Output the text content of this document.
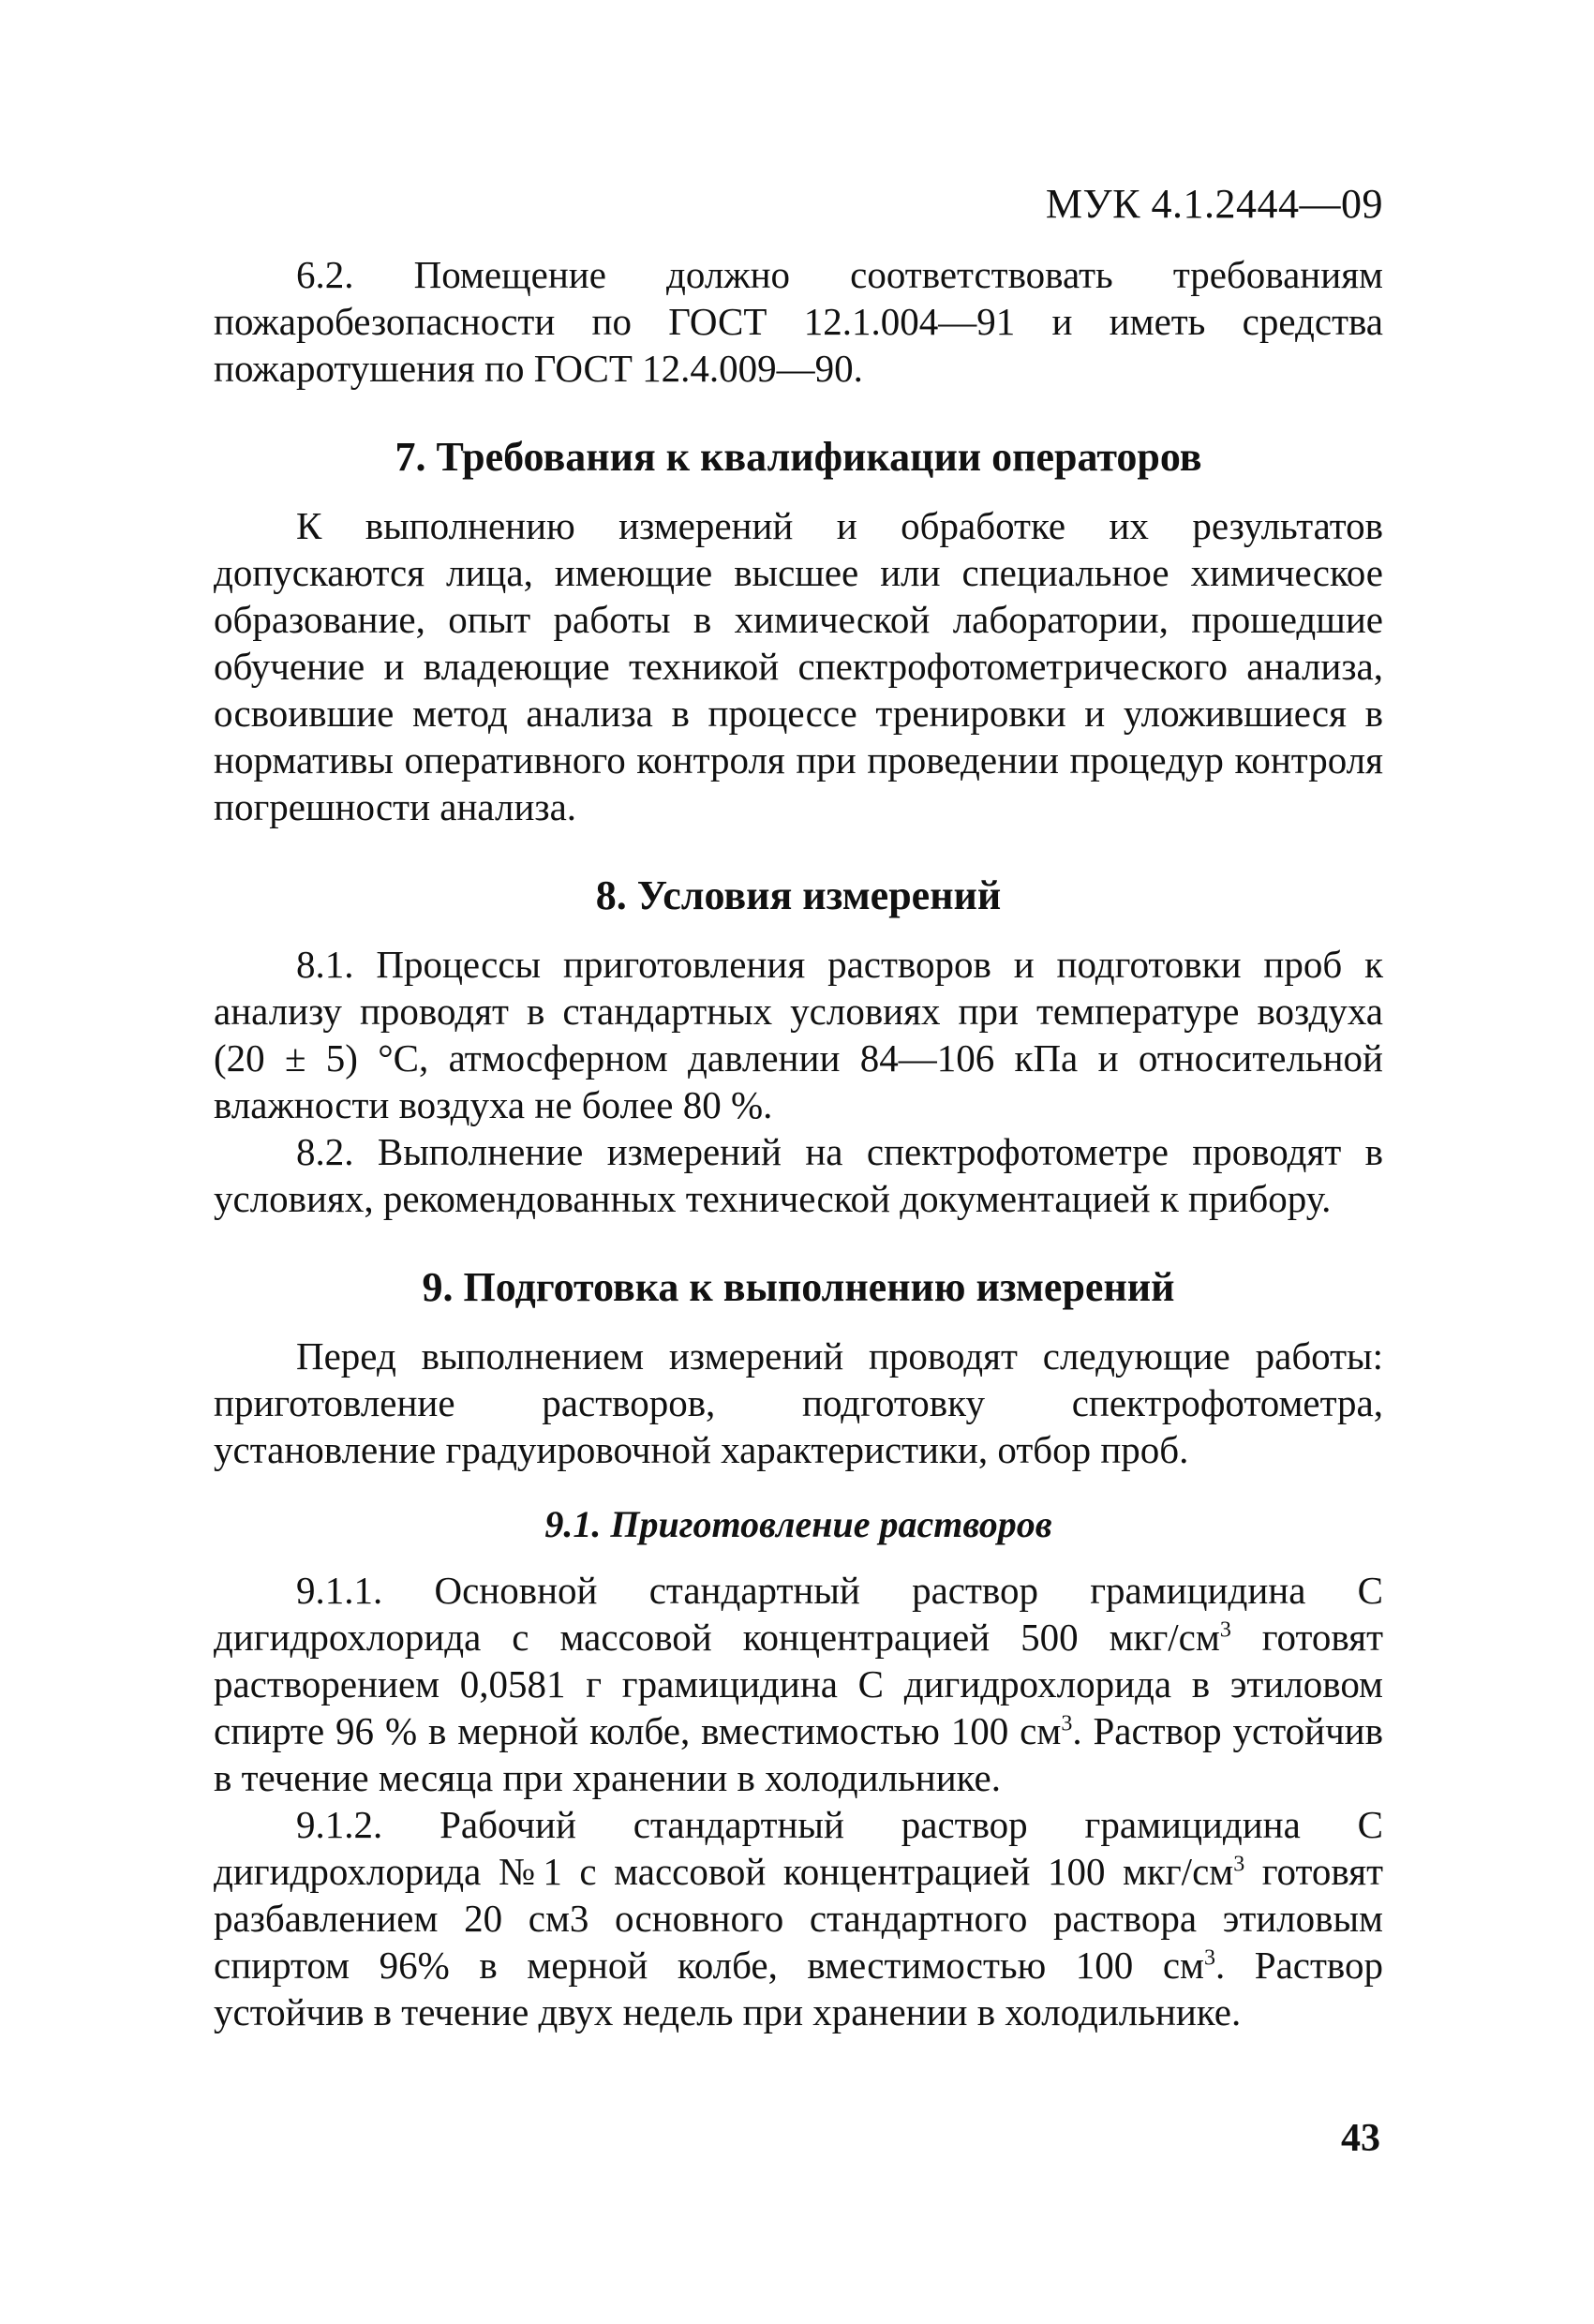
МУК 4.1.2444—09

6.2. Помещение должно соответствовать требованиям пожаробезопасности по ГОСТ 12.1.004—91 и иметь средства пожаротушения по ГОСТ 12.4.009—90.

7. Требования к квалификации операторов

К выполнению измерений и обработке их результатов допускаются лица, имеющие высшее или специальное химическое образование, опыт работы в химической лаборатории, прошедшие обучение и владеющие техникой спектрофотометрического анализа, освоившие метод анализа в процессе тренировки и уложившиеся в нормативы оперативного контроля при проведении процедур контроля погрешности анализа.

8. Условия измерений

8.1. Процессы приготовления растворов и подготовки проб к анализу проводят в стандартных условиях при температуре воздуха (20 ± 5) °С, атмосферном давлении 84—106 кПа и относительной влажности воздуха не более 80 %.

8.2. Выполнение измерений на спектрофотометре проводят в условиях, рекомендованных технической документацией к прибору.

9. Подготовка к выполнению измерений

Перед выполнением измерений проводят следующие работы: приготовление растворов, подготовку спектрофотометра, установление градуировочной характеристики, отбор проб.

9.1. Приготовление растворов

9.1.1. Основной стандартный раствор грамицидина С дигидрохлорида с массовой концентрацией 500 мкг/$см^3$ готовят растворением 0,0581 г грамицидина С дигидрохлорида в этиловом спирте 96 % в мерной колбе, вместимостью 100 $см^3$. Раствор устойчив в течение месяца при хранении в холодильнике.

9.1.2. Рабочий стандартный раствор грамицидина С дигидрохлорида №1 с массовой концентрацией 100 мкг/$см^3$ готовят разбавлением 20 см3 основного стандартного раствора этиловым спиртом 96% в мерной колбе, вместимостью 100 $см^3$. Раствор устойчив в течение двух недель при хранении в холодильнике.

43
